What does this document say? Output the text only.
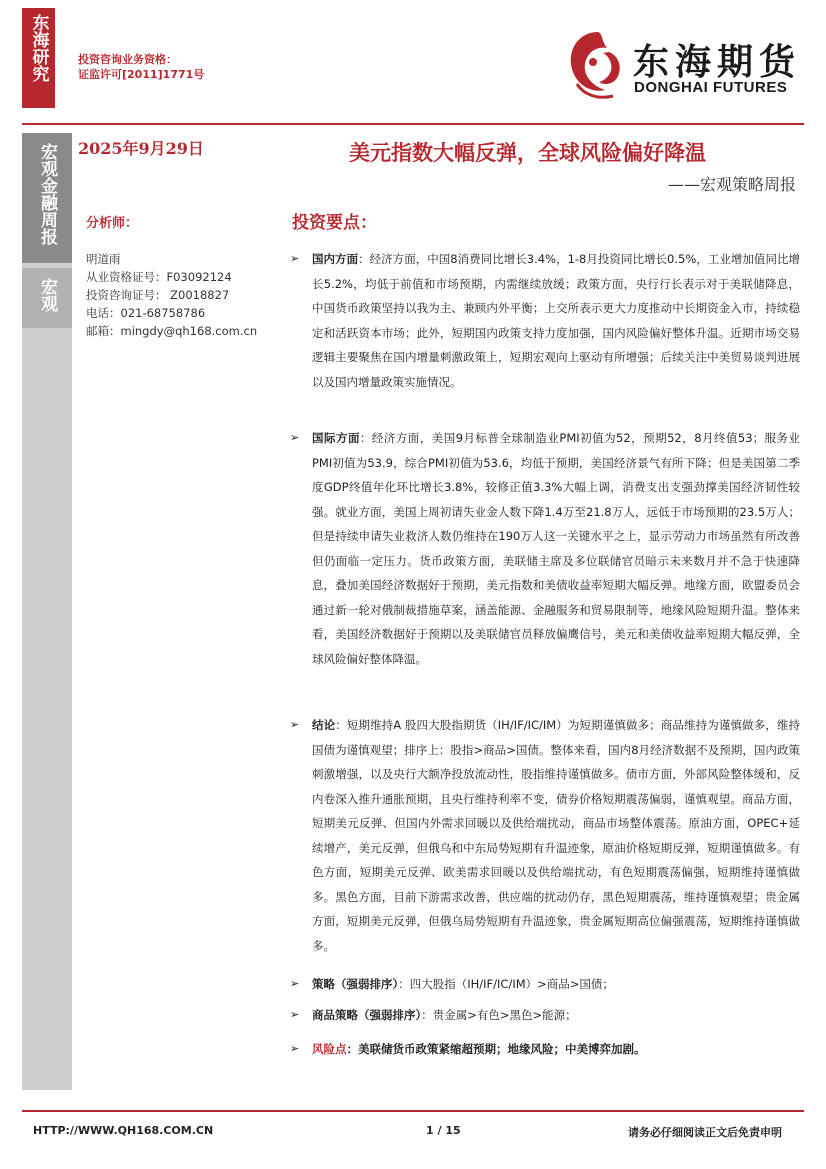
东海研究	投资咨询业务资格：
证监许可[2011]1771号	东海期货
DONGHAI FUTURES
宏观金融周报
宏观
2025年9月29日	美元指数大幅反弹，全球风险偏好降温
——宏观策略周报
分析师：
明道雨
从业资格证号：F03092124
投资咨询证号： Z0018827
电话：021-68758786
邮箱：mingdy@qh168.com.cn
投资要点：
➢	国内方面：经济方面，中国8消费同比增长3.4%，1-8月投资同比增长0.5%，工业增加值同比增长5.2%，均低于前值和市场预期，内需继续放缓；政策方面，央行行长表示对于美联储降息，中国货币政策坚持以我为主、兼顾内外平衡；上交所表示更大力度推动中长期资金入市，持续稳定和活跃资本市场；此外，短期国内政策支持力度加强，国内风险偏好整体升温。近期市场交易逻辑主要聚焦在国内增量刺激政策上，短期宏观向上驱动有所增强；后续关注中美贸易谈判进展以及国内增量政策实施情况。
➢	国际方面：经济方面，美国9月标普全球制造业PMI初值为52，预期52，8月终值53；服务业PMI初值为53.9，综合PMI初值为53.6，均低于预期，美国经济景气有所下降；但是美国第二季度GDP终值年化环比增长3.8%，较修正值3.3%大幅上调，消费支出支强劲撑美国经济韧性较强。就业方面，美国上周初请失业金人数下降1.4万至21.8万人，远低于市场预期的23.5万人；但是持续申请失业救济人数仍维持在190万人这一关键水平之上，显示劳动力市场虽然有所改善但仍面临一定压力。货币政策方面，美联储主席及多位联储官员暗示未来数月并不急于快速降息，叠加美国经济数据好于预期，美元指数和美债收益率短期大幅反弹。地缘方面，欧盟委员会通过新一轮对俄制裁措施草案，涵盖能源、金融服务和贸易限制等，地缘风险短期升温。整体来看，美国经济数据好于预期以及美联储官员释放偏鹰信号，美元和美债收益率短期大幅反弹，全球风险偏好整体降温。
➢	结论：短期维持A 股四大股指期货（IH/IF/IC/IM）为短期谨慎做多；商品维持为谨慎做多，维持国债为谨慎观望；排序上：股指>商品>国债。整体来看，国内8月经济数据不及预期，国内政策刺激增强，以及央行大额净投放流动性，股指维持谨慎做多。债市方面，外部风险整体缓和，反内卷深入推升通胀预期，且央行维持利率不变，债券价格短期震荡偏弱，谨慎观望。商品方面，短期美元反弹、但国内外需求回暖以及供给端扰动，商品市场整体震荡。原油方面，OPEC+延续增产，美元反弹，但俄乌和中东局势短期有升温迹象，原油价格短期反弹，短期谨慎做多。有色方面，短期美元反弹、欧美需求回暖以及供给端扰动，有色短期震荡偏强，短期维持谨慎做多。黑色方面，目前下游需求改善，供应端的扰动仍存，黑色短期震荡，维持谨慎观望；贵金属方面，短期美元反弹，但俄乌局势短期有升温迹象，贵金属短期高位偏强震荡，短期维持谨慎做多。
➢	策略（强弱排序）：四大股指（IH/IF/IC/IM）>商品>国债；
➢	商品策略（强弱排序）：贵金属>有色>黑色>能源；
➢	风险点：美联储货币政策紧缩超预期；地缘风险；中美博弈加剧。
HTTP://WWW.QH168.COM.CN	1 / 15	请务必仔细阅读正文后免责申明
